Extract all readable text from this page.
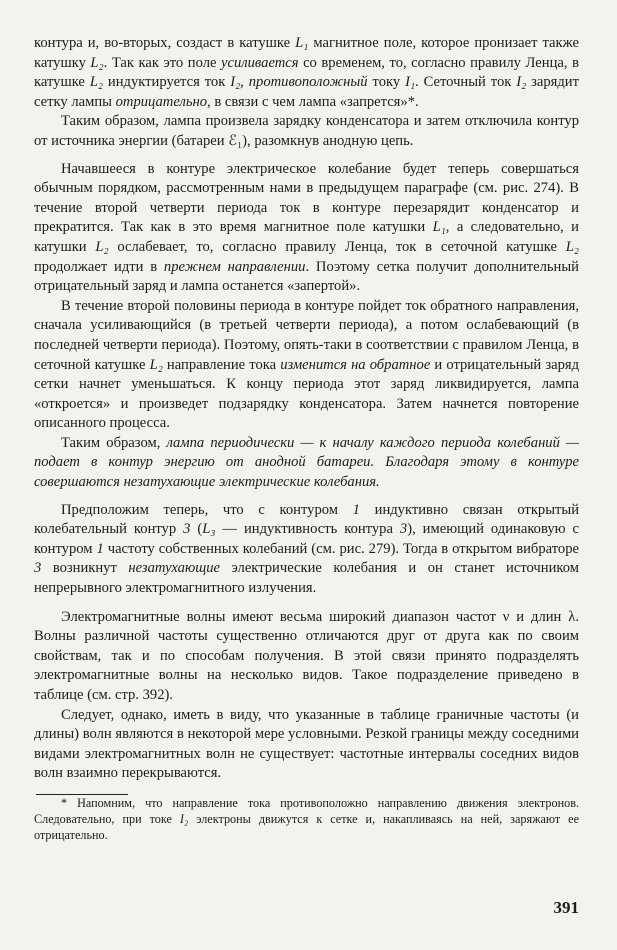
контура и, во-вторых, создаст в катушке L₁ магнитное поле, которое пронизает также катушку L₂. Так как это поле усиливается со временем, то, согласно правилу Ленца, в катушке L₂ индуктируется ток I₂, противоположный току I₁. Сеточный ток I₂ зарядит сетку лампы отрицательно, в связи с чем лампа «запрется»*.

Таким образом, лампа произвела зарядку конденсатора и затем отключила контур от источника энергии (батареи ℰ₁), разомкнув анодную цепь.

Начавшееся в контуре электрическое колебание будет теперь совершаться обычным порядком, рассмотренным нами в предыдущем параграфе (см. рис. 274). В течение второй четверти периода ток в контуре перезарядит конденсатор и прекратится. Так как в это время магнитное поле катушки L₁, а следовательно, и катушки L₂ ослабевает, то, согласно правилу Ленца, ток в сеточной катушке L₂ продолжает идти в прежнем направлении. Поэтому сетка получит дополнительный отрицательный заряд и лампа останется «запертой».

В течение второй половины периода в контуре пойдет ток обратного направления, сначала усиливающийся (в третьей четверти периода), а потом ослабевающий (в последней четверти периода). Поэтому, опять-таки в соответствии с правилом Ленца, в сеточной катушке L₂ направление тока изменится на обратное и отрицательный заряд сетки начнет уменьшаться. К концу периода этот заряд ликвидируется, лампа «откроется» и произведет подзарядку конденсатора. Затем начнется повторение описанного процесса.

Таким образом, лампа периодически — к началу каждого периода колебаний — подает в контур энергию от анодной батареи. Благодаря этому в контуре совершаются незатухающие электрические колебания.

Предположим теперь, что с контуром 1 индуктивно связан открытый колебательный контур 3 (L₃ — индуктивность контура 3), имеющий одинаковую с контуром 1 частоту собственных колебаний (см. рис. 279). Тогда в открытом вибраторе 3 возникнут незатухающие электрические колебания и он станет источником непрерывного электромагнитного излучения.

Электромагнитные волны имеют весьма широкий диапазон частот ν и длин λ. Волны различной частоты существенно отличаются друг от друга как по своим свойствам, так и по способам получения. В этой связи принято подразделять электромагнитные волны на несколько видов. Такое подразделение приведено в таблице (см. стр. 392).

Следует, однако, иметь в виду, что указанные в таблице граничные частоты (и длины) волн являются в некоторой мере условными. Резкой границы между соседними видами электромагнитных волн не существует: частотные интервалы соседних видов волн взаимно перекрываются.

* Напомним, что направление тока противоположно направлению движения электронов. Следовательно, при токе I₂ электроны движутся к сетке и, накапливаясь на ней, заряжают ее отрицательно.

391
